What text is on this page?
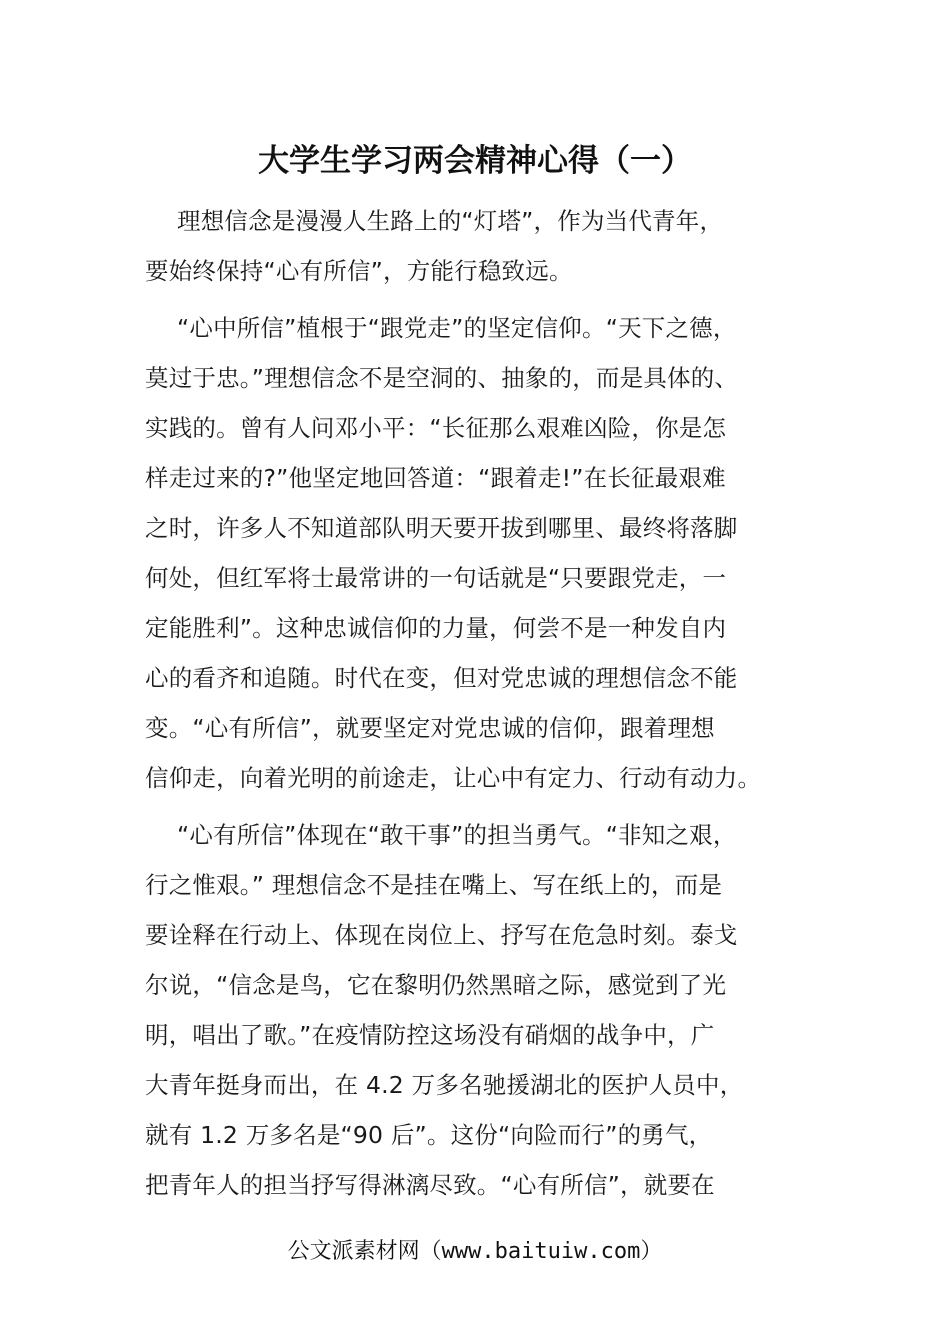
大学生学习两会精神心得（一）
理想信念是漫漫人生路上的“灯塔”，作为当代青年，
要始终保持“心有所信”，方能行稳致远。
“心中所信”植根于“跟党走”的坚定信仰。“天下之德，
莫过于忠。”理想信念不是空洞的、抽象的，而是具体的、
实践的。曾有人问邓小平：“长征那么艰难凶险，你是怎
样走过来的?”他坚定地回答道：“跟着走!”在长征最艰难
之时，许多人不知道部队明天要开拔到哪里、最终将落脚
何处，但红军将士最常讲的一句话就是“只要跟党走，一
定能胜利”。这种忠诚信仰的力量，何尝不是一种发自内
心的看齐和追随。时代在变，但对党忠诚的理想信念不能
变。“心有所信”，就要坚定对党忠诚的信仰，跟着理想
信仰走，向着光明的前途走，让心中有定力、行动有动力。
“心有所信”体现在“敢干事”的担当勇气。“非知之艰，
行之惟艰。” 理想信念不是挂在嘴上、写在纸上的，而是
要诠释在行动上、体现在岗位上、抒写在危急时刻。泰戈
尔说，“信念是鸟，它在黎明仍然黑暗之际，感觉到了光
明，唱出了歌。”在疫情防控这场没有硝烟的战争中，广
大青年挺身而出，在 4.2 万多名驰援湖北的医护人员中，
就有 1.2 万多名是“90 后”。这份“向险而行”的勇气，
把青年人的担当抒写得淋漓尽致。“心有所信”，就要在
公文派素材网（www.baituiw.com）
